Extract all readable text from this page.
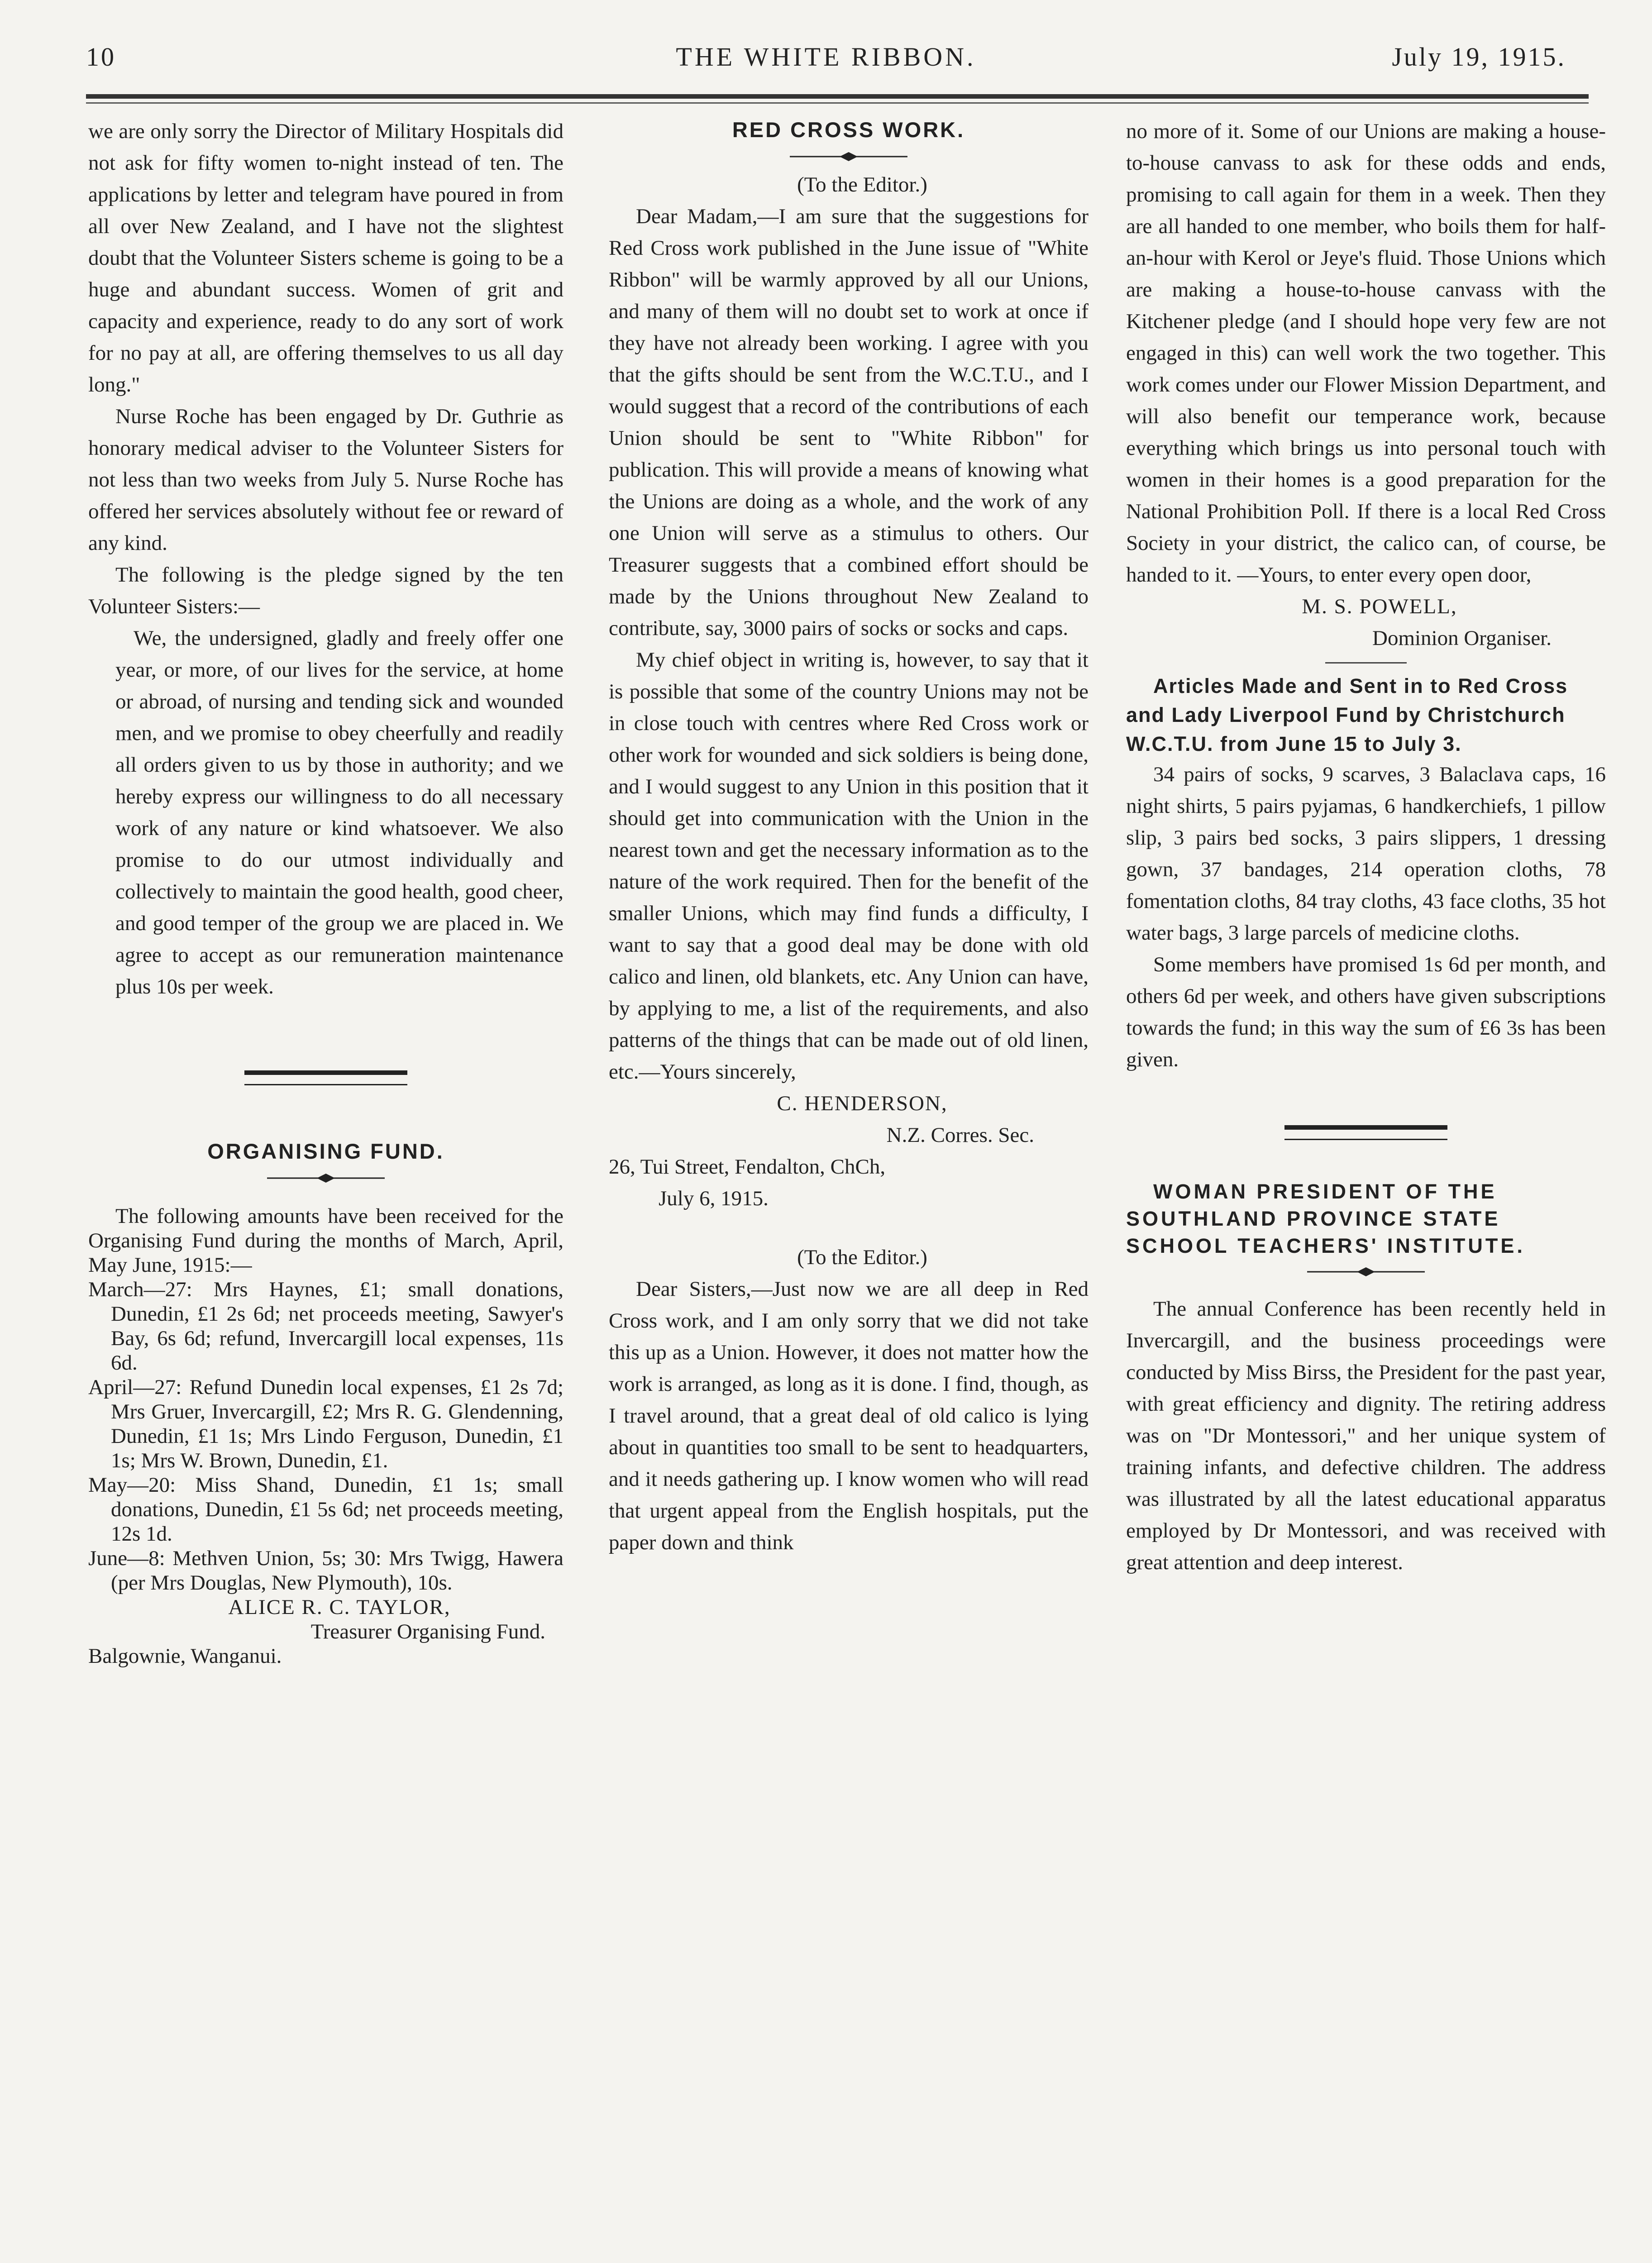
10	THE WHITE RIBBON.	July 19, 1915.

we are only sorry the Director of Military Hospitals did not ask for fifty women to-night instead of ten. The applications by letter and telegram have poured in from all over New Zealand, and I have not the slightest doubt that the Volunteer Sisters scheme is going to be a huge and abundant success. Women of grit and capacity and experience, ready to do any sort of work for no pay at all, are offering themselves to us all day long."

Nurse Roche has been engaged by Dr. Guthrie as honorary medical adviser to the Volunteer Sisters for not less than two weeks from July 5. Nurse Roche has offered her services absolutely without fee or reward of any kind.

The following is the pledge signed by the ten Volunteer Sisters:—

We, the undersigned, gladly and freely offer one year, or more, of our lives for the service, at home or abroad, of nursing and tending sick and wounded men, and we promise to obey cheerfully and readily all orders given to us by those in authority; and we hereby express our willingness to do all necessary work of any nature or kind whatsoever. We also promise to do our utmost individually and collectively to maintain the good health, good cheer, and good temper of the group we are placed in. We agree to accept as our remuneration maintenance plus 10s per week.

ORGANISING FUND.

The following amounts have been received for the Organising Fund during the months of March, April, May June, 1915:—

March—27: Mrs Haynes, £1; small donations, Dunedin, £1 2s 6d; net proceeds meeting, Sawyer's Bay, 6s 6d; refund, Invercargill local expenses, 11s 6d.

April—27: Refund Dunedin local expenses, £1 2s 7d; Mrs Gruer, Invercargill, £2; Mrs R. G. Glendenning, Dunedin, £1 1s; Mrs Lindo Ferguson, Dunedin, £1 1s; Mrs W. Brown, Dunedin, £1.

May—20: Miss Shand, Dunedin, £1 1s; small donations, Dunedin, £1 5s 6d; net proceeds meeting, 12s 1d.

June—8: Methven Union, 5s; 30: Mrs Twigg, Hawera (per Mrs Douglas, New Plymouth), 10s.

ALICE R. C. TAYLOR,

Treasurer Organising Fund.

Balgownie, Wanganui.

RED CROSS WORK.

(To the Editor.)

Dear Madam,—I am sure that the suggestions for Red Cross work published in the June issue of "White Ribbon" will be warmly approved by all our Unions, and many of them will no doubt set to work at once if they have not already been working. I agree with you that the gifts should be sent from the W.C.T.U., and I would suggest that a record of the contributions of each Union should be sent to "White Ribbon" for publication. This will provide a means of knowing what the Unions are doing as a whole, and the work of any one Union will serve as a stimulus to others. Our Treasurer suggests that a combined effort should be made by the Unions throughout New Zealand to contribute, say, 3000 pairs of socks or socks and caps.

My chief object in writing is, however, to say that it is possible that some of the country Unions may not be in close touch with centres where Red Cross work or other work for wounded and sick soldiers is being done, and I would suggest to any Union in this position that it should get into communication with the Union in the nearest town and get the necessary information as to the nature of the work required. Then for the benefit of the smaller Unions, which may find funds a difficulty, I want to say that a good deal may be done with old calico and linen, old blankets, etc. Any Union can have, by applying to me, a list of the requirements, and also patterns of the things that can be made out of old linen, etc.—Yours sincerely,

C. HENDERSON,

N.Z. Corres. Sec.

26, Tui Street, Fendalton, ChCh,

July 6, 1915.

(To the Editor.)

Dear Sisters,—Just now we are all deep in Red Cross work, and I am only sorry that we did not take this up as a Union. However, it does not matter how the work is arranged, as long as it is done. I find, though, as I travel around, that a great deal of old calico is lying about in quantities too small to be sent to headquarters, and it needs gathering up. I know women who will read that urgent appeal from the English hospitals, put the paper down and think

no more of it. Some of our Unions are making a house-to-house canvass to ask for these odds and ends, promising to call again for them in a week. Then they are all handed to one member, who boils them for half-an-hour with Kerol or Jeye's fluid. Those Unions which are making a house-to-house canvass with the Kitchener pledge (and I should hope very few are not engaged in this) can well work the two together. This work comes under our Flower Mission Department, and will also benefit our temperance work, because everything which brings us into personal touch with women in their homes is a good preparation for the National Prohibition Poll. If there is a local Red Cross Society in your district, the calico can, of course, be handed to it. —Yours, to enter every open door,

M. S. POWELL,

Dominion Organiser.

Articles Made and Sent in to Red Cross and Lady Liverpool Fund by Christchurch W.C.T.U. from June 15 to July 3.

34 pairs of socks, 9 scarves, 3 Balaclava caps, 16 night shirts, 5 pairs pyjamas, 6 handkerchiefs, 1 pillow slip, 3 pairs bed socks, 3 pairs slippers, 1 dressing gown, 37 bandages, 214 operation cloths, 78 fomentation cloths, 84 tray cloths, 43 face cloths, 35 hot water bags, 3 large parcels of medicine cloths.

Some members have promised 1s 6d per month, and others 6d per week, and others have given subscriptions towards the fund; in this way the sum of £6 3s has been given.

WOMAN PRESIDENT OF THE SOUTHLAND PROVINCE STATE SCHOOL TEACHERS' INSTITUTE.

The annual Conference has been recently held in Invercargill, and the business proceedings were conducted by Miss Birss, the President for the past year, with great efficiency and dignity. The retiring address was on "Dr Montessori," and her unique system of training infants, and defective children. The address was illustrated by all the latest educational apparatus employed by Dr Montessori, and was received with great attention and deep interest.
